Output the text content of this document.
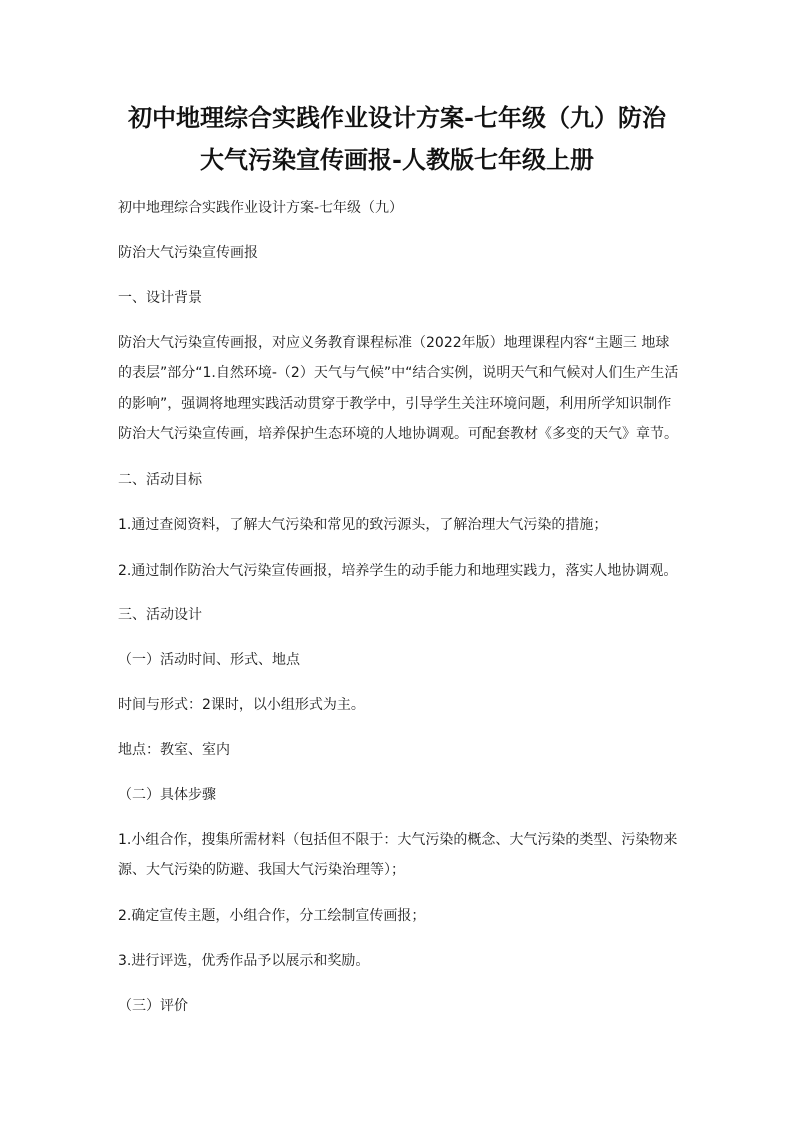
初中地理综合实践作业设计方案-七年级（九）防治
大气污染宣传画报-人教版七年级上册
初中地理综合实践作业设计方案-七年级（九）
防治大气污染宣传画报
一、设计背景
防治大气污染宣传画报，对应义务教育课程标准（2022年版）地理课程内容“主题三 地球
的表层”部分“1.自然环境-（2）天气与气候”中“结合实例，说明天气和气候对人们生产生活
的影响”，强调将地理实践活动贯穿于教学中，引导学生关注环境问题，利用所学知识制作
防治大气污染宣传画，培养保护生态环境的人地协调观。可配套教材《多变的天气》章节。
二、活动目标
1.通过查阅资料，了解大气污染和常见的致污源头，了解治理大气污染的措施；
2.通过制作防治大气污染宣传画报，培养学生的动手能力和地理实践力，落实人地协调观。
三、活动设计
（一）活动时间、形式、地点
时间与形式：2课时，以小组形式为主。
地点：教室、室内
（二）具体步骤
1.小组合作，搜集所需材料（包括但不限于：大气污染的概念、大气污染的类型、污染物来
源、大气污染的防避、我国大气污染治理等）；
2.确定宣传主题，小组合作，分工绘制宣传画报；
3.进行评选，优秀作品予以展示和奖励。
（三）评价
